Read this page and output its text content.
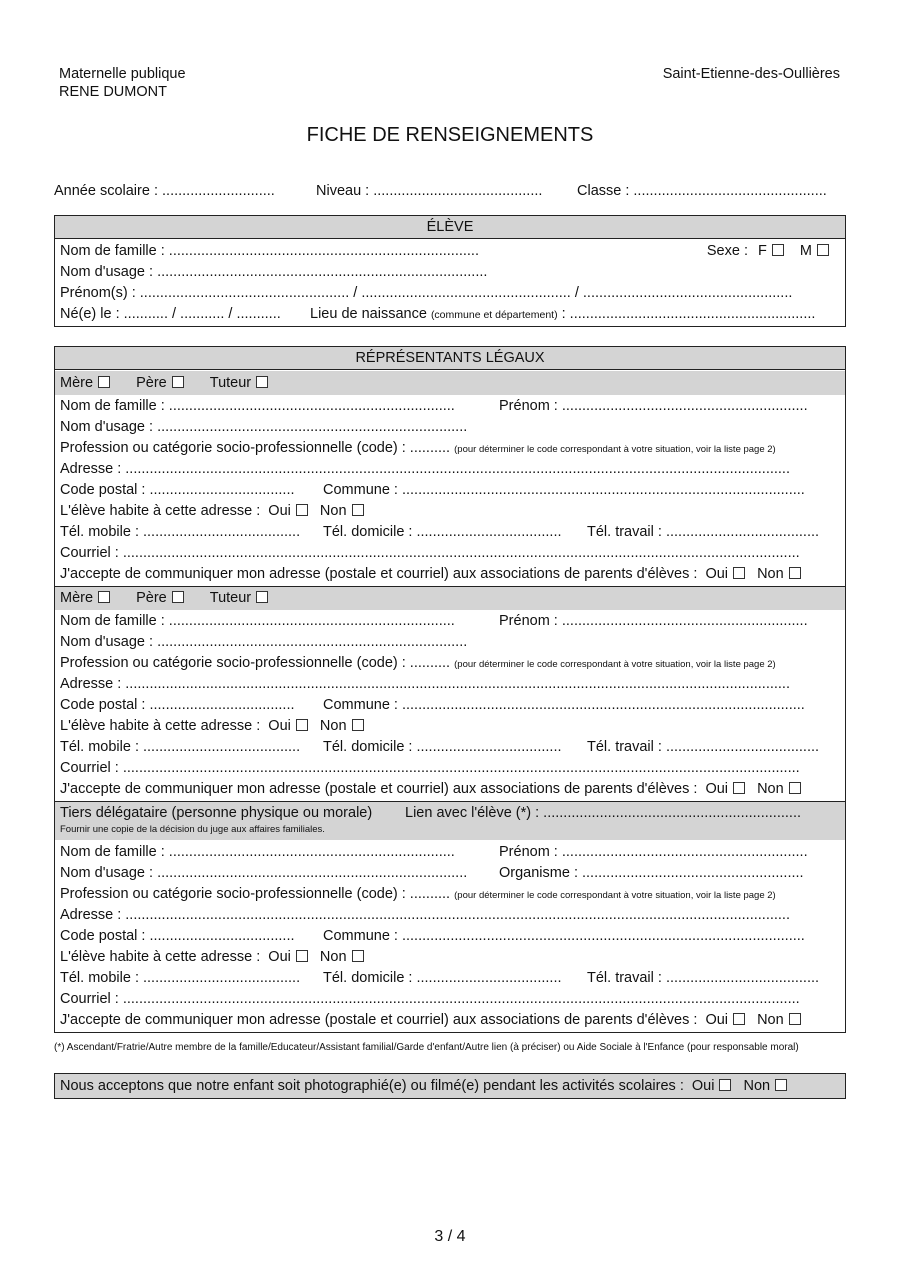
Maternelle publique
RENE DUMONT
Saint-Etienne-des-Oullières
FICHE DE RENSEIGNEMENTS
Année scolaire : ............................	Niveau : .......................................... Classe : ................................................
ÉLÈVE
Nom de famille : .............................................................................	Sexe : F M
Nom d'usage : ..................................................................................
Prénom(s) : .................................................... / .................................................... / ....................................................
Né(e) le : ........... / ........... / ........... Lieu de naissance (commune et département) : .............................................................
RÉPRÉSENTANTS LÉGAUX
Mère	Père	Tuteur
Nom de famille : .......................................................................	Prénom : .............................................................
Nom d'usage : .............................................................................
Profession ou catégorie socio-professionnelle (code) : .......... (pour déterminer le code correspondant à votre situation, voir la liste page 2)
Adresse : .....................................................................................................................................................................
Code postal : .................................... Commune : ....................................................................................................
L'élève habite à cette adresse : Oui Non
Tél. mobile : ....................................... Tél. domicile : .................................... Tél. travail : ......................................
Courriel : ........................................................................................................................................................................
J'accepte de communiquer mon adresse (postale et courriel) aux associations de parents d'élèves : Oui Non
Mère	Père	Tuteur
Nom de famille : .......................................................................	Prénom : .............................................................
Nom d'usage : .............................................................................
Profession ou catégorie socio-professionnelle (code) : .......... (pour déterminer le code correspondant à votre situation, voir la liste page 2)
Adresse : .....................................................................................................................................................................
Code postal : .................................... Commune : ....................................................................................................
L'élève habite à cette adresse : Oui Non
Tél. mobile : ....................................... Tél. domicile : .................................... Tél. travail : ......................................
Courriel : ........................................................................................................................................................................
J'accepte de communiquer mon adresse (postale et courriel) aux associations de parents d'élèves : Oui Non
Tiers délégataire (personne physique ou morale) Lien avec l'élève (*) : ................................................................
Fournir une copie de la décision du juge aux affaires familiales.
Nom de famille : .......................................................................	Prénom : .............................................................
Nom d'usage : ............................................................................. Organisme : .......................................................
Profession ou catégorie socio-professionnelle (code) : .......... (pour déterminer le code correspondant à votre situation, voir la liste page 2)
Adresse : .....................................................................................................................................................................
Code postal : .................................... Commune : ....................................................................................................
L'élève habite à cette adresse : Oui Non
Tél. mobile : ....................................... Tél. domicile : .................................... Tél. travail : ......................................
Courriel : ........................................................................................................................................................................
J'accepte de communiquer mon adresse (postale et courriel) aux associations de parents d'élèves : Oui Non
(*) Ascendant/Fratrie/Autre membre de la famille/Educateur/Assistant familial/Garde d'enfant/Autre lien (à préciser) ou Aide Sociale à l'Enfance (pour responsable moral)
Nous acceptons que notre enfant soit photographié(e) ou filmé(e) pendant les activités scolaires : Oui Non
3 / 4
